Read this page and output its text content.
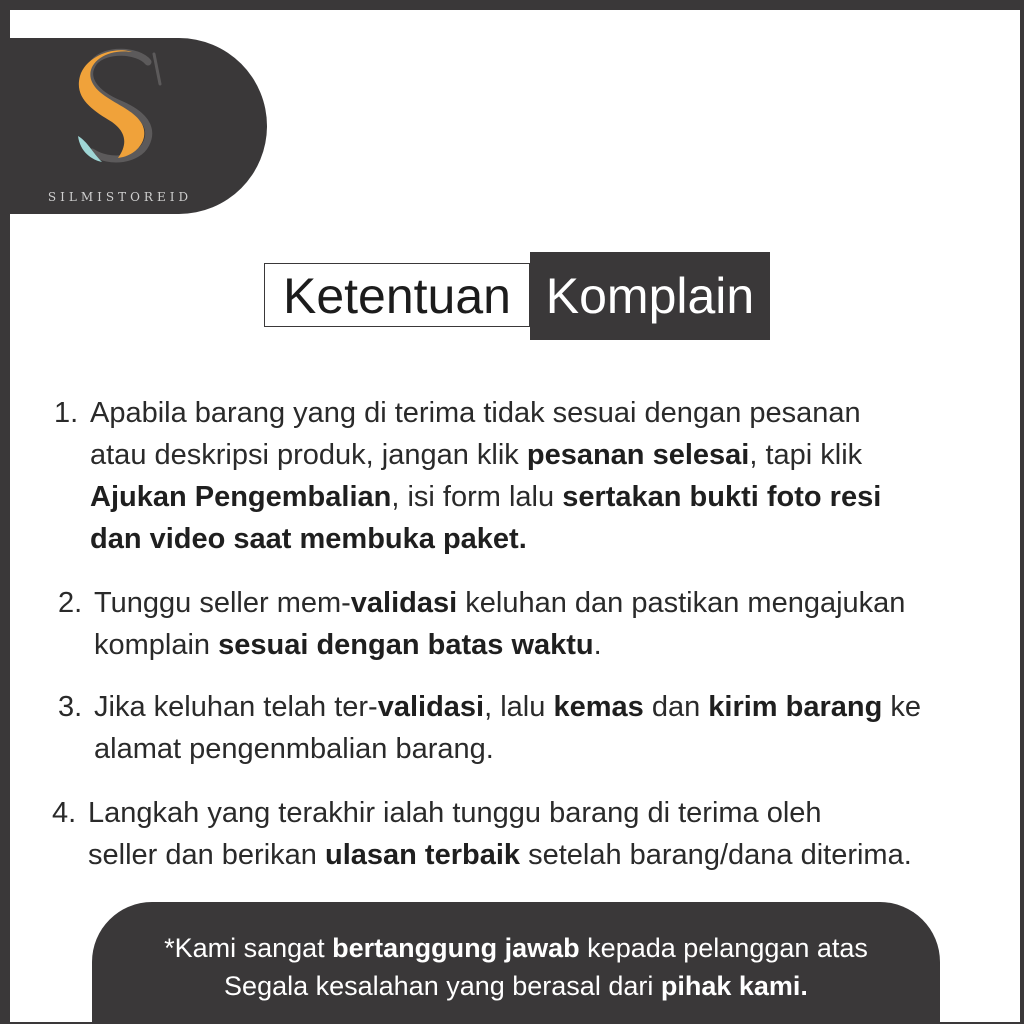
SILMISTOREID
Ketentuan Komplain
1. Apabila barang yang di terima tidak sesuai dengan pesanan
atau deskripsi produk, jangan klik pesanan selesai, tapi klik
Ajukan Pengembalian, isi form lalu sertakan bukti foto resi
dan video saat membuka paket.
2. Tunggu seller mem-validasi keluhan dan pastikan mengajukan
komplain sesuai dengan batas waktu.
3. Jika keluhan telah ter-validasi, lalu kemas dan kirim barang ke
alamat pengenmbalian barang.
4. Langkah yang terakhir ialah tunggu barang di terima oleh
seller dan berikan ulasan terbaik setelah barang/dana diterima.
*Kami sangat bertanggung jawab kepada pelanggan atas
Segala kesalahan yang berasal dari pihak kami.
